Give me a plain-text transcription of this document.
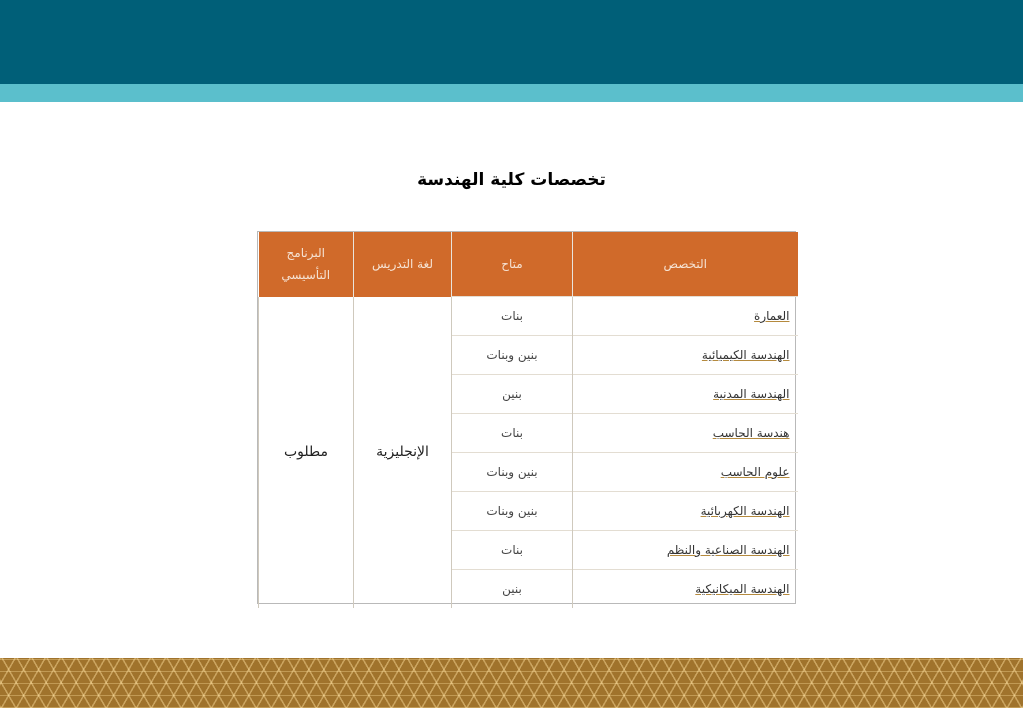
تخصصات كلية الهندسة
التخصص	متاح	لغة التدريس	البرنامج التأسيسي
العمارة	بنات	الإنجليزية	مطلوب
الهندسة الكيميائية	بنين وبنات		
الهندسة المدنية	بنين		
هندسة الحاسب	بنات		
علوم الحاسب	بنين وبنات		
الهندسة الكهربائية	بنين وبنات		
الهندسة الصناعية والنظم	بنات		
الهندسة الميكانيكية	بنين		
